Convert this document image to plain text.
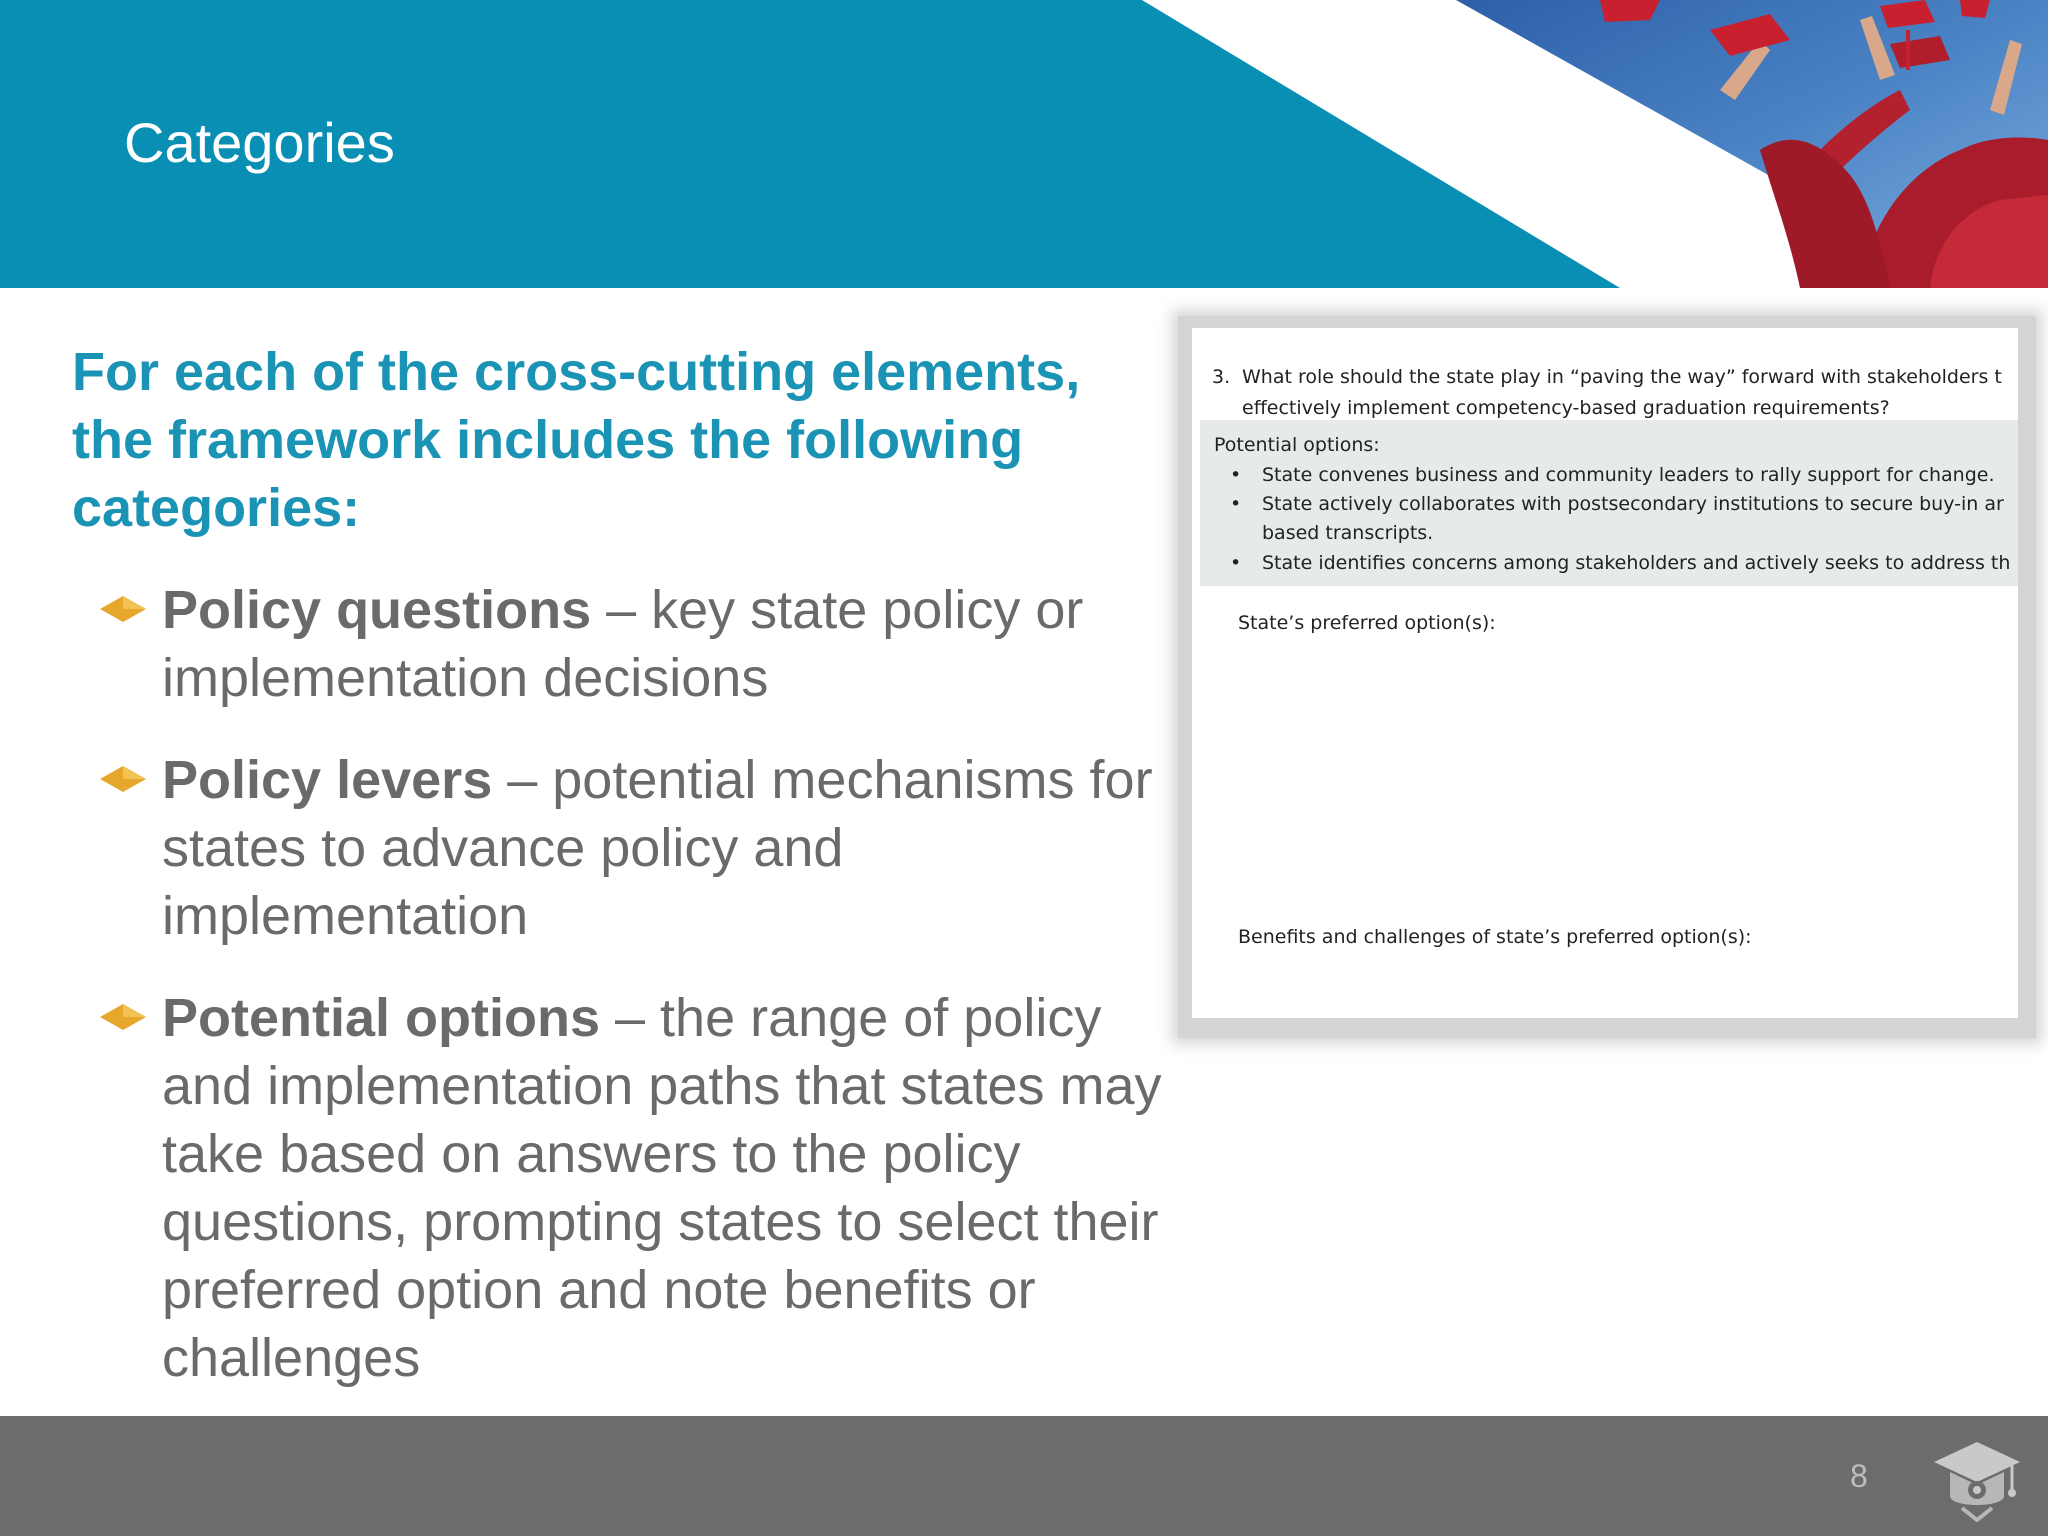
Categories

For each of the cross-cutting elements, the framework includes the following categories:

Policy questions – key state policy or implementation decisions
Policy levers – potential mechanisms for states to advance policy and implementation
Potential options – the range of policy and implementation paths that states may take based on answers to the policy questions, prompting states to select their preferred option and note benefits or challenges
3. What role should the state play in “paving the way” forward with stakeholders t
effectively implement competency-based graduation requirements?
Potential options:
• State convenes business and community leaders to rally support for change.
• State actively collaborates with postsecondary institutions to secure buy-in ar
based transcripts.
• State identifies concerns among stakeholders and actively seeks to address th
State’s preferred option(s):
Benefits and challenges of state’s preferred option(s):
8
